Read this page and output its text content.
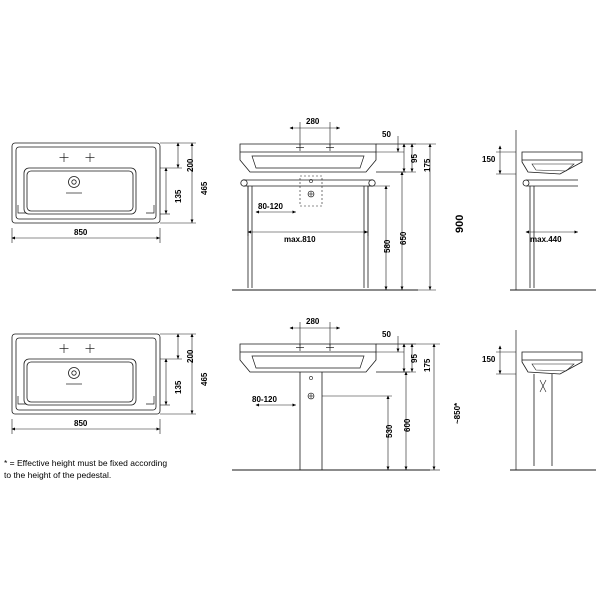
850
465
200
135
280
50
95
175
80-120
max.810
580
650
900
150
max.440
850
465
200
135
280
50
95
175
80-120
530 600
~850*
150
* = Effective height must be fixed according
to the height of the pedestal.
